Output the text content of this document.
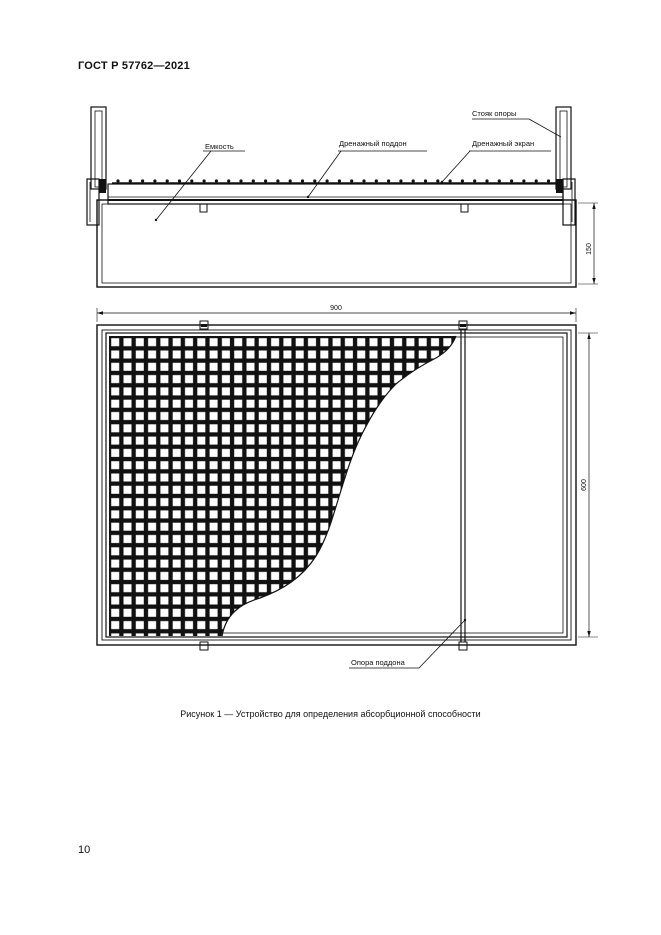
ГОСТ Р 57762—2021
Емкость	Дренажный поддон	Дренажный экран
Стояк опоры
150
900
600
Опора поддона
Рисунок 1 — Устройство для определения абсорбционной способности
10
